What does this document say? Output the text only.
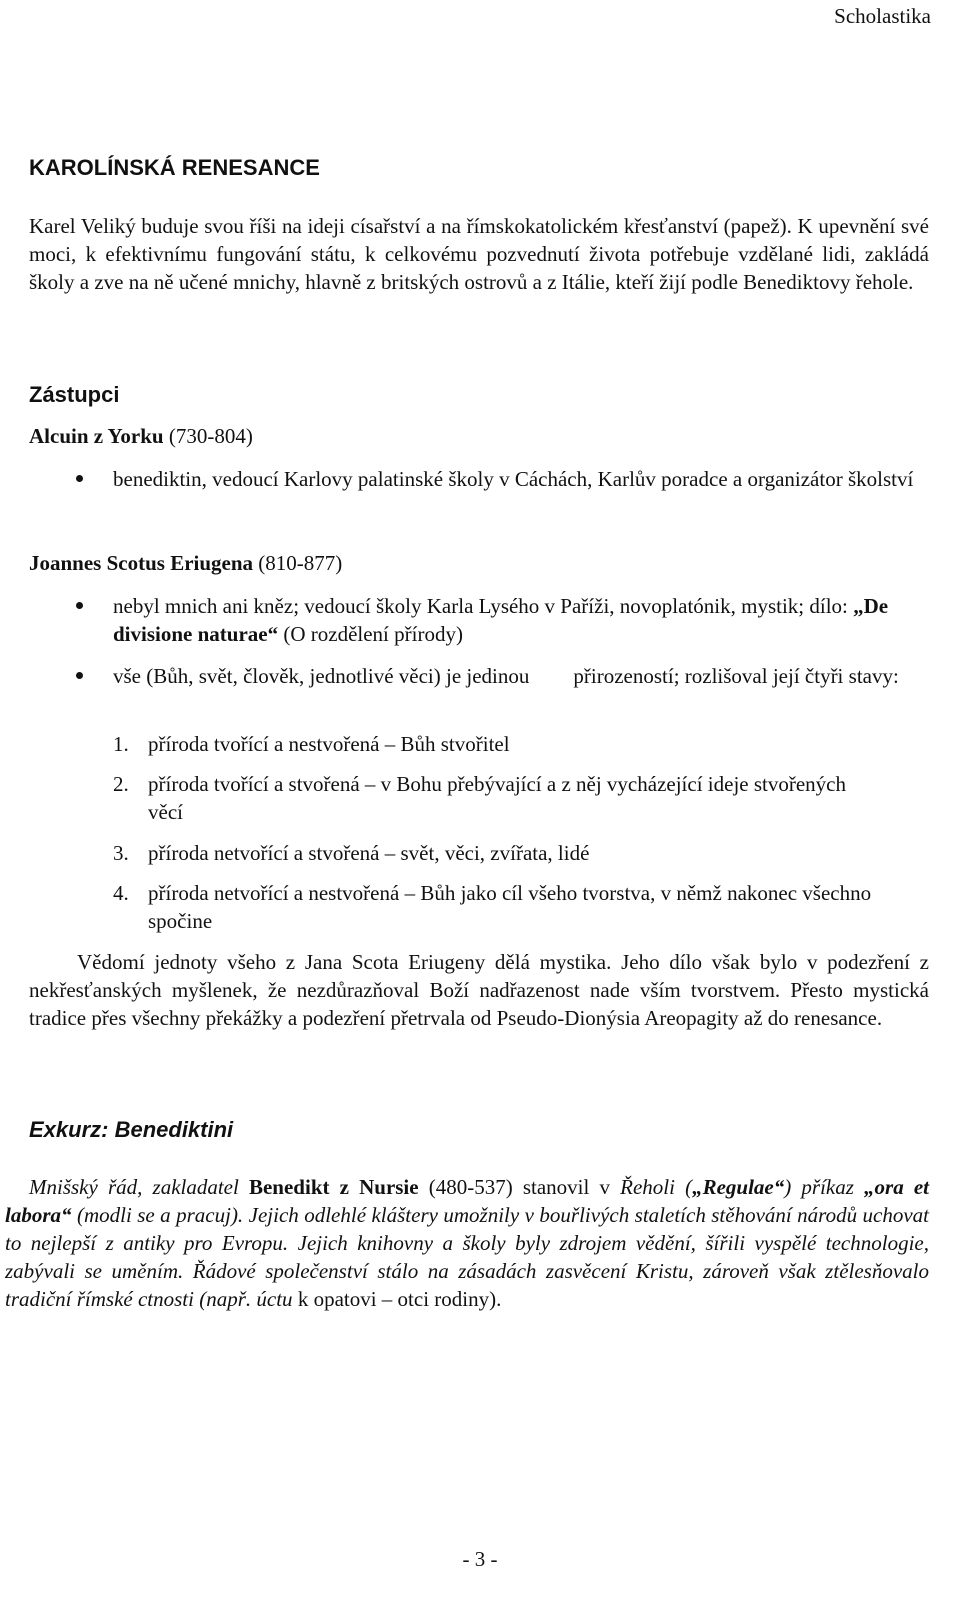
Scholastika
KAROLÍNSKÁ RENESANCE
Karel Veliký buduje svou říši na ideji císařství a na římskokatolickém křesťanství (papež). K upevnění své moci, k efektivnímu fungování státu, k celkovému pozvednutí života potřebuje vzdělané lidi, zakládá školy a zve na ně učené mnichy, hlavně z britských ostrovů a z Itálie, kteří žijí podle Benediktovy řehole.
Zástupci
Alcuin z Yorku (730-804)
benediktin, vedoucí Karlovy palatinské školy v Cáchách, Karlův poradce a organizátor školství
Joannes Scotus Eriugena (810-877)
nebyl mnich ani kněz; vedoucí školy Karla Lysého v Paříži, novoplatónik, mystik; dílo: „De divisione naturae“ (O rozdělení přírody)
vše (Bůh, svět, člověk, jednotlivé věci) je jedinou přirozeností; rozlišoval její čtyři stavy:
1. příroda tvořící a nestvořená – Bůh stvořitel
2. příroda tvořící a stvořená – v Bohu přebývající a z něj vycházející ideje stvořených věcí
3. příroda netvořící a stvořená – svět, věci, zvířata, lidé
4. příroda netvořící a nestvořená – Bůh jako cíl všeho tvorstva, v němž nakonec všechno spočine
Vědomí jednoty všeho z Jana Scota Eriugeny dělá mystika. Jeho dílo však bylo v podezření z nekřesťanských myšlenek, že nezdůrazňoval Boží nadřazenost nade vším tvorstvem. Přesto mystická tradice přes všechny překážky a podezření přetrvala od Pseudo-Dionýsia Areopagity až do renesance.
Exkurz: Benediktini
Mnišský řád, zakladatel Benedikt z Nursie (480-537) stanovil v Řeholi („Regulae“) příkaz „ora et labora“ (modli se a pracuj). Jejich odlehlé kláštery umožnily v bouřlivých staletích stěhování národů uchovat to nejlepší z antiky pro Evropu. Jejich knihovny a školy byly zdrojem vědění, šířili vyspělé technologie, zabývali se uměním. Řádové společenství stálo na zásadách zasvěcení Kristu, zároveň však ztělesňovalo tradiční římské ctnosti (např. úctu k opatovi – otci rodiny).
- 3 -
